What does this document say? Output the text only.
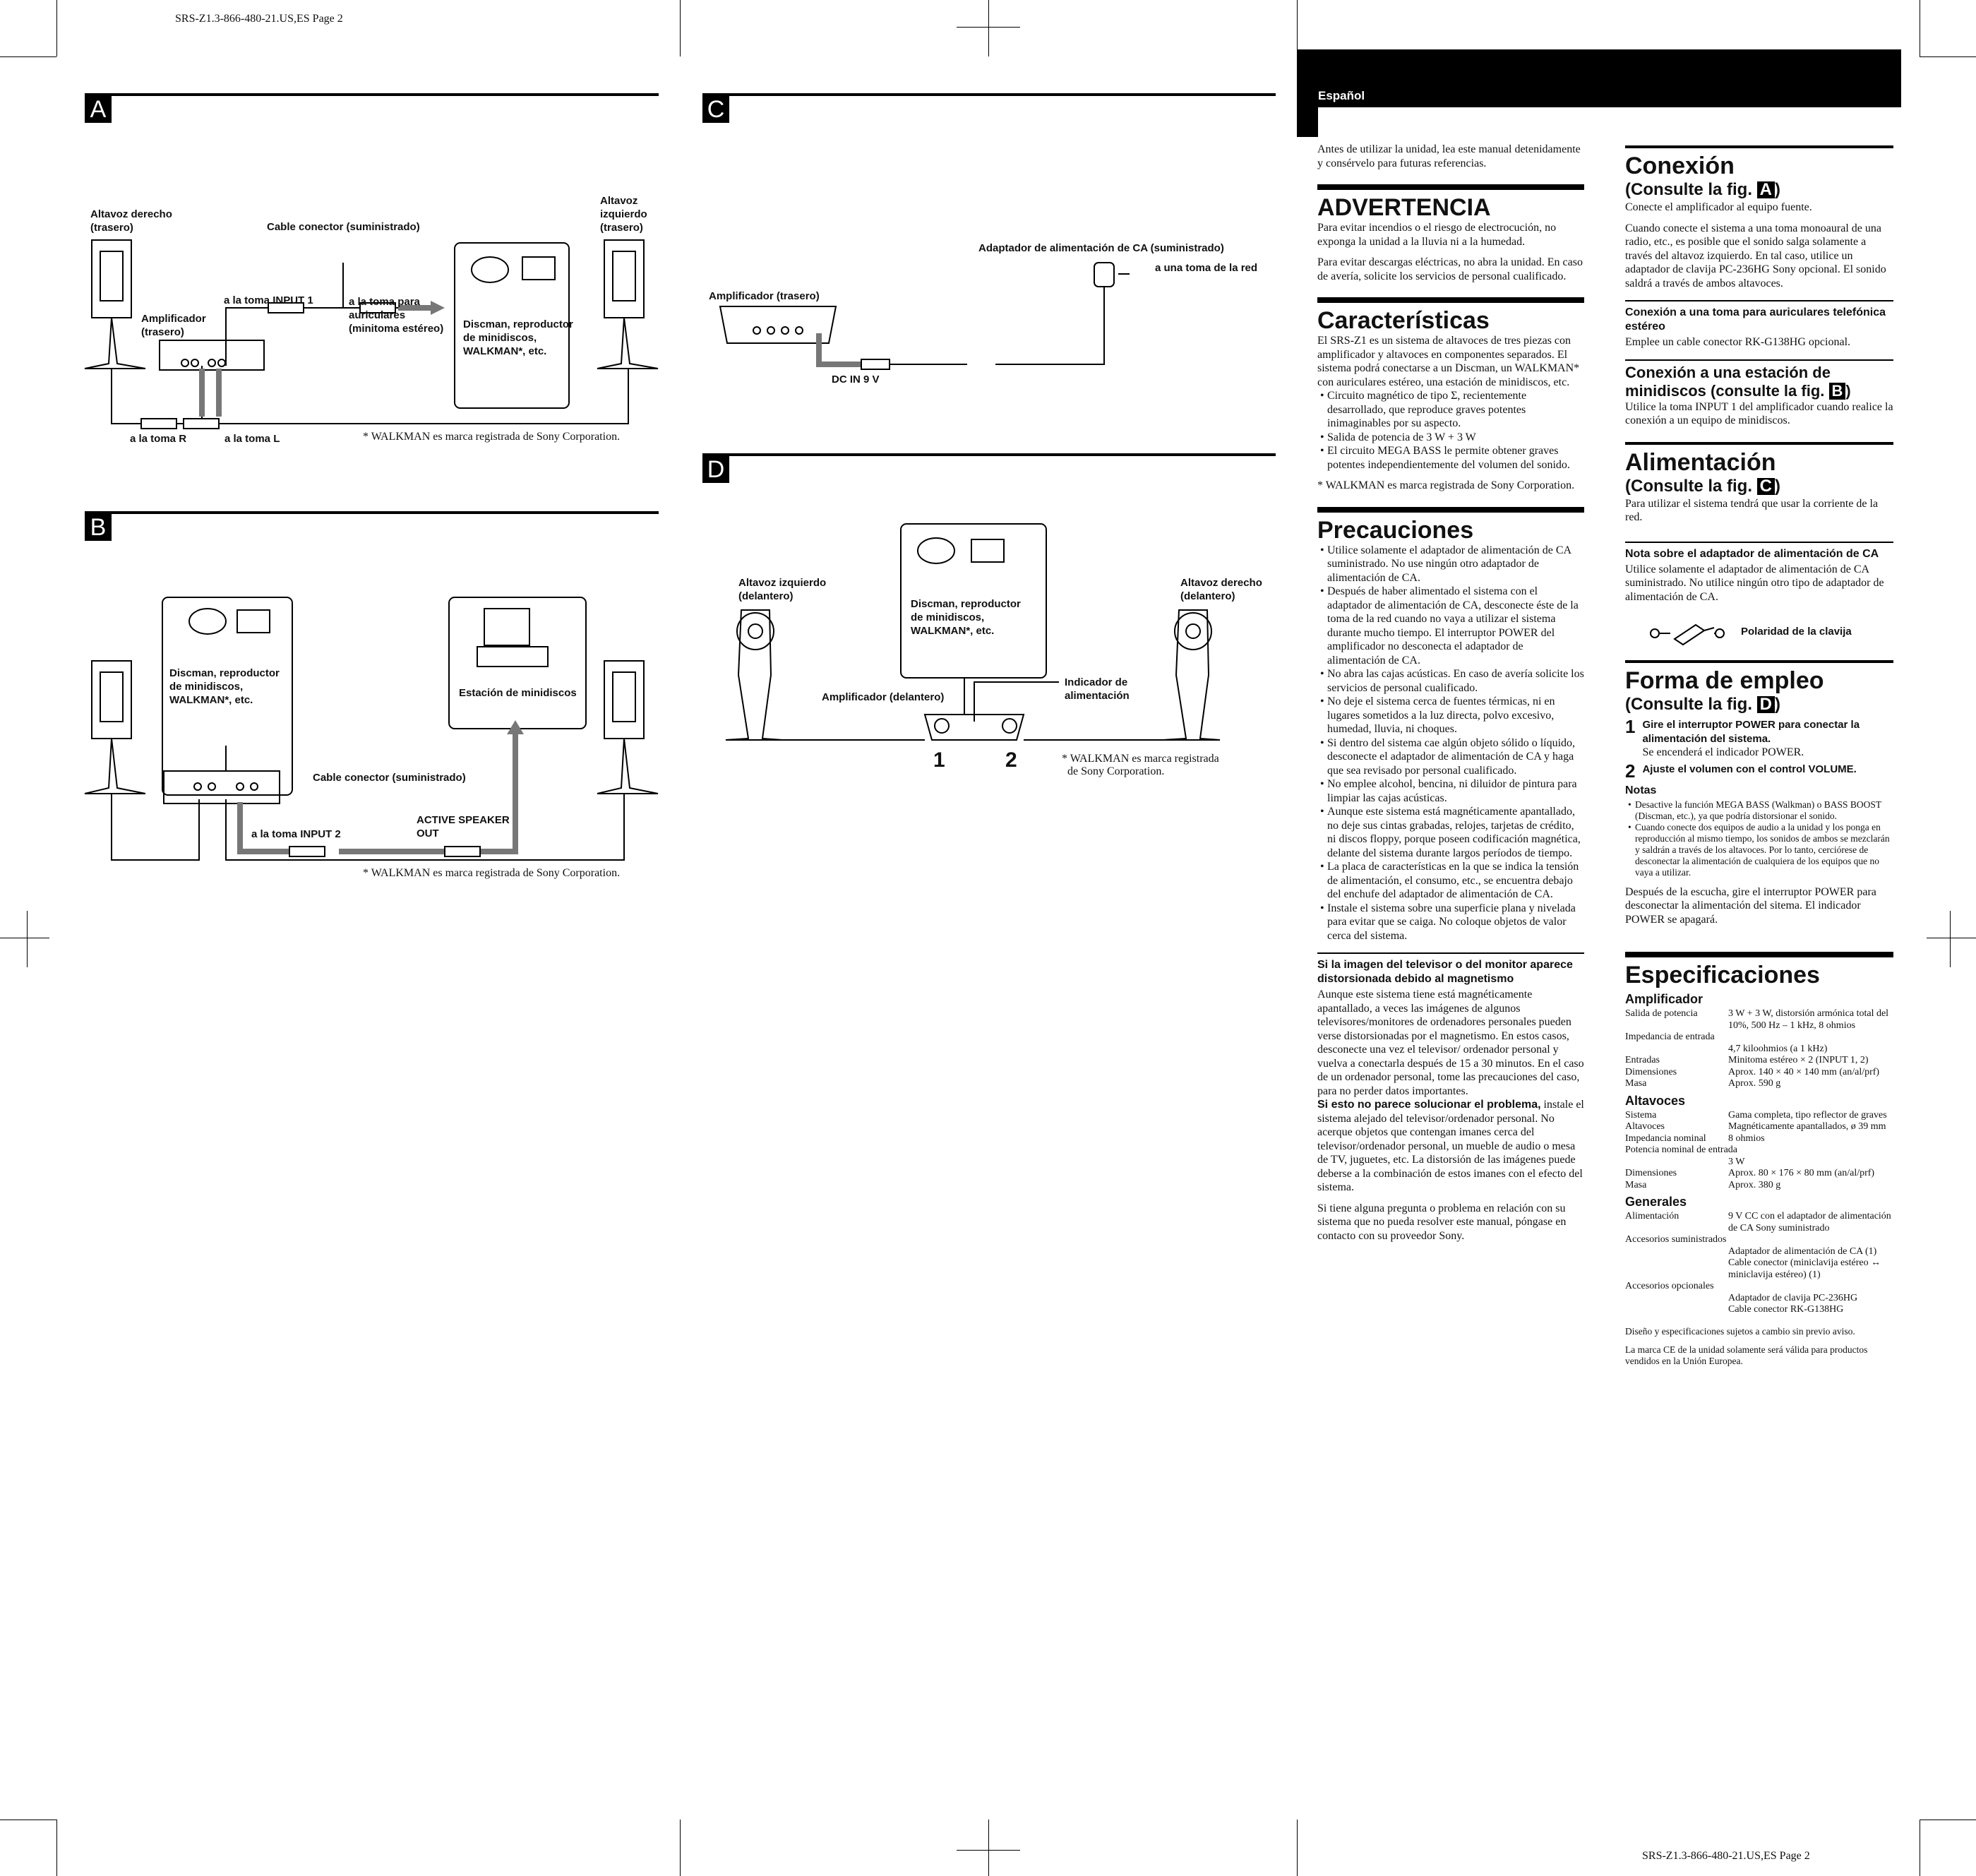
SRS-Z1.3-866-480-21.US,ES Page 2
SRS-Z1.3-866-480-21.US,ES Page 2
Español
A
Altavoz derecho
(trasero)	Cable conector (suministrado)
Altavoz
izquierdo
(trasero)
Amplificador
(trasero)
a la toma INPUT 1	a la toma para
auriculares
(minitoma estéreo) Discman, reproductor
de minidiscos,
WALKMAN*, etc.
a la toma R	a la toma L	* WALKMAN es marca registrada de Sony Corporation.
B
Discman, reproductor
de minidiscos,
WALKMAN*, etc.
Estación de minidiscos
Cable conector (suministrado)
a la toma INPUT 2
ACTIVE SPEAKER
OUT
* WALKMAN es marca registrada de Sony Corporation.
C
Adaptador de alimentación de CA (suministrado)
a una toma de la red
Amplificador (trasero)
DC IN 9 V
D
Altavoz izquierdo
(delantero)
Discman, reproductor
de minidiscos,
WALKMAN*, etc.
Altavoz derecho
(delantero)
Indicador de
alimentación
Amplificador (delantero)
1	2	* WALKMAN es marca registrada
de Sony Corporation.

Antes de utilizar la unidad, lea este manual detenidamente y consérvelo para futuras referencias.

ADVERTENCIA

Para evitar incendios o el riesgo de electrocución, no exponga la unidad a la lluvia ni a la humedad.

Para evitar descargas eléctricas, no abra la unidad. En caso de avería, solicite los servicios de personal cualificado.

Características

El SRS-Z1 es un sistema de altavoces de tres piezas con amplificador y altavoces en componentes separados. El sistema podrá conectarse a un Discman, un WALKMAN* con auriculares estéreo, una estación de minidiscos, etc.

• Circuito magnético de tipo Σ, recientemente desarrollado, que reproduce graves potentes inimaginables por su aspecto.
• Salida de potencia de 3 W + 3 W
• El circuito MEGA BASS le permite obtener graves potentes independientemente del volumen del sonido.

* WALKMAN es marca registrada de Sony Corporation.

Precauciones
• Utilice solamente el adaptador de alimentación de CA suministrado. No use ningún otro adaptador de alimentación de CA.
• Después de haber alimentado el sistema con el adaptador de alimentación de CA, desconecte éste de la toma de la red cuando no vaya a utilizar el sistema durante mucho tiempo. El interruptor POWER del amplificador no desconecta el adaptador de alimentación de CA.
• No abra las cajas acústicas. En caso de avería solicite los servicios de personal cualificado.
• No deje el sistema cerca de fuentes térmicas, ni en lugares sometidos a la luz directa, polvo excesivo, humedad, lluvia, ni choques.
• Si dentro del sistema cae algún objeto sólido o líquido, desconecte el adaptador de alimentación de CA y haga que sea revisado por personal cualificado.
• No emplee alcohol, bencina, ni diluidor de pintura para limpiar las cajas acústicas.
• Aunque este sistema está magnéticamente apantallado, no deje sus cintas grabadas, relojes, tarjetas de crédito, ni discos floppy, porque poseen codificación magnética, delante del sistema durante largos períodos de tiempo.
• La placa de características en la que se indica la tensión de alimentación, el consumo, etc., se encuentra debajo del enchufe del adaptador de alimentación de CA.
• Instale el sistema sobre una superficie plana y nivelada para evitar que se caiga. No coloque objetos de valor cerca del sistema.
Si la imagen del televisor o del monitor aparece distorsionada debido al magnetismo

Aunque este sistema tiene está magnéticamente apantallado, a veces las imágenes de algunos televisores/monitores de ordenadores personales pueden verse distorsionadas por el magnetismo. En estos casos, desconecte una vez el televisor/ ordenador personal y vuelva a conectarla después de 15 a 30 minutos. En el caso de un ordenador personal, tome las precauciones del caso, para no perder datos importantes.
Si esto no parece solucionar el problema, instale el sistema alejado del televisor/ordenador personal. No acerque objetos que contengan imanes cerca del televisor/ordenador personal, un mueble de audio o mesa de TV, juguetes, etc. La distorsión de las imágenes puede deberse a la combinación de estos imanes con el efecto del sistema.

Si tiene alguna pregunta o problema en relación con su sistema que no pueda resolver este manual, póngase en contacto con su proveedor Sony.

Conexión
(Consulte la fig. A )

Conecte el amplificador al equipo fuente.

Cuando conecte el sistema a una toma monoaural de una radio, etc., es posible que el sonido salga solamente a través del altavoz izquierdo. En tal caso, utilice un adaptador de clavija PC-236HG Sony opcional. El sonido saldrá a través de ambos altavoces.

Conexión a una toma para auriculares telefónica estéreo

Emplee un cable conector RK-G138HG opcional.

Conexión a una estación de minidiscos (consulte la fig. B )

Utilice la toma INPUT 1 del amplificador cuando realice la conexión a un equipo de minidiscos.

Alimentación
(Consulte la fig. C )

Para utilizar el sistema tendrá que usar la corriente de la red.

Nota sobre el adaptador de alimentación de CA

Utilice solamente el adaptador de alimentación de CA suministrado. No utilice ningún otro tipo de adaptador de alimentación de CA.

Polaridad de la clavija
Forma de empleo
(Consulte la fig. D )
1 Gire el interruptor POWER para conectar la alimentación del sistema.
Se encenderá el indicador POWER.
2 Ajuste el volumen con el control VOLUME.
Notas
• Desactive la función MEGA BASS (Walkman) o BASS BOOST (Discman, etc.), ya que podría distorsionar el sonido.
• Cuando conecte dos equipos de audio a la unidad y los ponga en reproducción al mismo tiempo, los sonidos de ambos se mezclarán y saldrán a través de los altavoces. Por lo tanto, cerciórese de desconectar la alimentación de cualquiera de los equipos que no vaya a utilizar.

Después de la escucha, gire el interruptor POWER para desconectar la alimentación del sitema. El indicador POWER se apagará.

Especificaciones
Amplificador
Salida de potencia	3 W + 3 W, distorsión armónica total del 10%, 500 Hz – 1 kHz, 8 ohmios
Impedancia de entrada	
	4,7 kiloohmios (a 1 kHz)
Entradas	Minitoma estéreo × 2 (INPUT 1, 2)
Dimensiones	Aprox. 140 × 40 × 140 mm (an/al/prf)
Masa	Aprox. 590 g
Altavoces
Sistema	Gama completa, tipo reflector de graves
Altavoces	Magnéticamente apantallados, ø 39 mm
Impedancia nominal	8 ohmios
Potencia nominal de entrada	
	3 W
Dimensiones	Aprox. 80 × 176 × 80 mm (an/al/prf)
Masa	Aprox. 380 g
Generales
Alimentación	9 V CC con el adaptador de alimentación de CA Sony suministrado
Accesorios suministrados	
	Adaptador de alimentación de CA (1)
	Cable conector (miniclavija estéreo ↔ miniclavija estéreo) (1)
Accesorios opcionales	
	Adaptador de clavija PC-236HG
	Cable conector RK-G138HG

Diseño y especificaciones sujetos a cambio sin previo aviso.

La marca CE de la unidad solamente será válida para productos vendidos en la Unión Europea.
